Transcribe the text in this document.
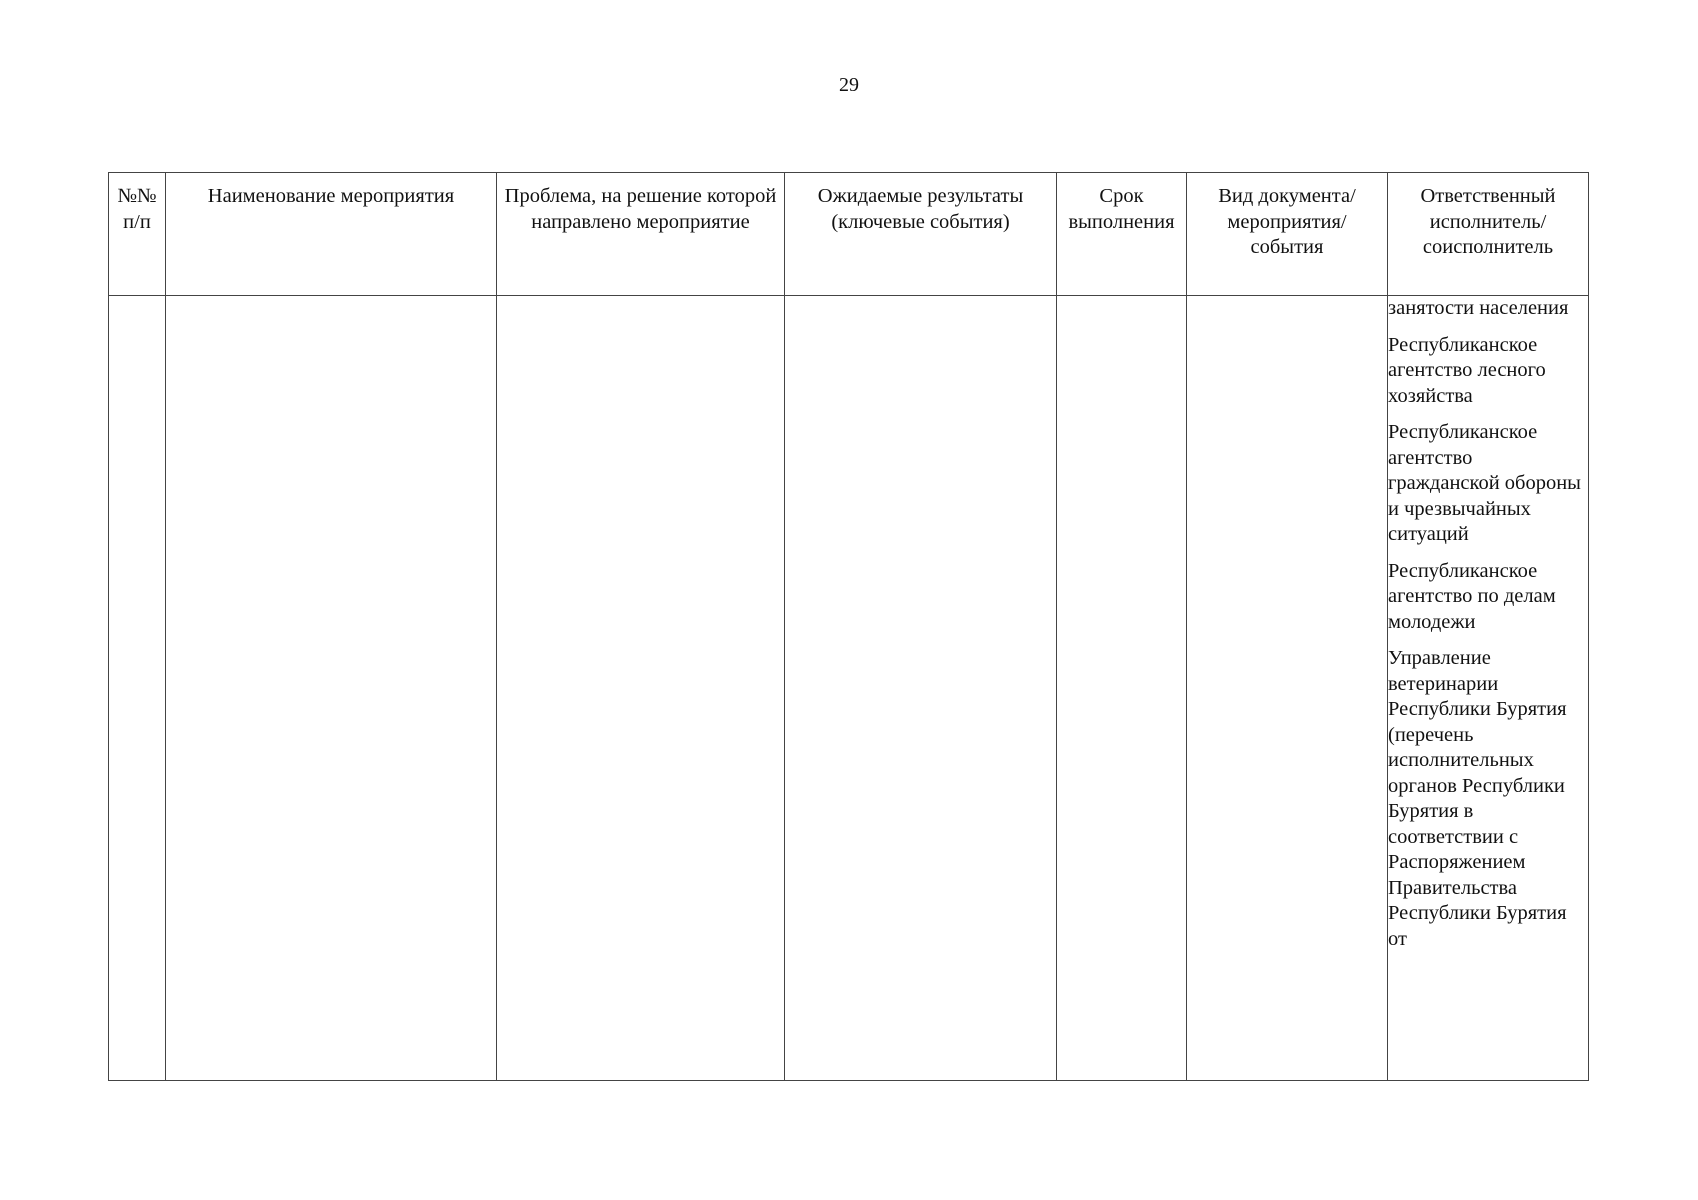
29
№№ п/п	Наименование мероприятия	Проблема, на решение которой направлено мероприятие	Ожидаемые результаты (ключевые события)	Срок выполнения	Вид документа/ мероприятия/ события	Ответственный исполнитель/ соисполнитель

						занятости населения
Республиканское агентство лесного хозяйства
Республиканское агентство гражданской обороны и чрезвычайных ситуаций
Республиканское агентство по делам молодежи
Управление ветеринарии Республики Бурятия (перечень исполнительных органов Республики Бурятия в соответствии с Распоряжением Правительства Республики Бурятия от
